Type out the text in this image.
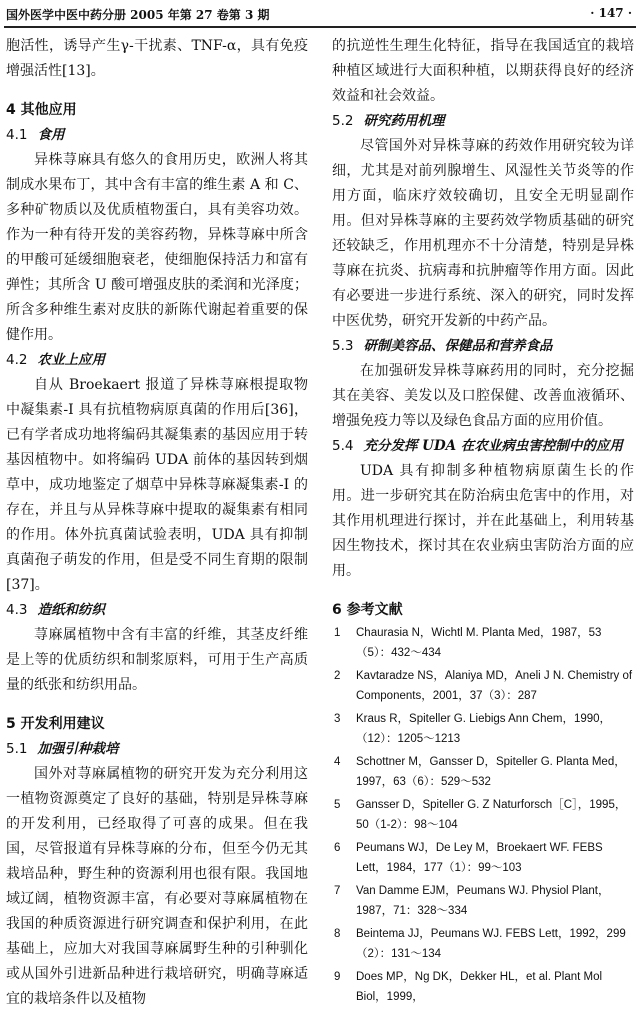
国外医学中医中药分册 2005 年第 27 卷第 3 期	· 147 ·

胞活性，诱导产生γ-干扰素、TNF-α，具有免疫增强活性[13]。

4 其他应用
4.1 食用

异株荨麻具有悠久的食用历史，欧洲人将其制成水果布丁，其中含有丰富的维生素 A 和 C、多种矿物质以及优质植物蛋白，具有美容功效。作为一种有待开发的美容药物，异株荨麻中所含的甲酸可延缓细胞衰老，使细胞保持活力和富有弹性；其所含 U 酸可增强皮肤的柔润和光泽度；所含多种维生素对皮肤的新陈代谢起着重要的保健作用。

4.2 农业上应用

自从 Broekaert 报道了异株荨麻根提取物中凝集素-I 具有抗植物病原真菌的作用后[36]，已有学者成功地将编码其凝集素的基因应用于转基因植物中。如将编码 UDA 前体的基因转到烟草中，成功地鉴定了烟草中异株荨麻凝集素-I 的存在，并且与从异株荨麻中提取的凝集素有相同的作用。体外抗真菌试验表明，UDA 具有抑制真菌孢子萌发的作用，但是受不同生育期的限制[37]。

4.3 造纸和纺织

荨麻属植物中含有丰富的纤维，其茎皮纤维是上等的优质纺织和制浆原料，可用于生产高质量的纸张和纺织用品。

5 开发利用建议
5.1 加强引种栽培

国外对荨麻属植物的研究开发为充分利用这一植物资源奠定了良好的基础，特别是异株荨麻的开发利用，已经取得了可喜的成果。但在我国，尽管报道有异株荨麻的分布，但至今仍无其栽培品种，野生种的资源利用也很有限。我国地域辽阔，植物资源丰富，有必要对荨麻属植物在我国的种质资源进行研究调查和保护利用，在此基础上，应加大对我国荨麻属野生种的引种驯化或从国外引进新品种进行栽培研究，明确荨麻适宜的栽培条件以及植物

的抗逆性生理生化特征，指导在我国适宜的栽培种植区域进行大面积种植，以期获得良好的经济效益和社会效益。

5.2 研究药用机理

尽管国外对异株荨麻的药效作用研究较为详细，尤其是对前列腺增生、风湿性关节炎等的作用方面，临床疗效较确切，且安全无明显副作用。但对异株荨麻的主要药效学物质基础的研究还较缺乏，作用机理亦不十分清楚，特别是异株荨麻在抗炎、抗病毒和抗肿瘤等作用方面。因此有必要进一步进行系统、深入的研究，同时发挥中医优势，研究开发新的中药产品。

5.3 研制美容品、保健品和营养食品

在加强研发异株荨麻药用的同时，充分挖掘其在美容、美发以及口腔保健、改善血液循环、增强免疫力等以及绿色食品方面的应用价值。

5.4 充分发挥 UDA 在农业病虫害控制中的应用

UDA 具有抑制多种植物病原菌生长的作用。进一步研究其在防治病虫危害中的作用，对其作用机理进行探讨，并在此基础上，利用转基因生物技术，探讨其在农业病虫害防治方面的应用。

6 参考文献
1 Chaurasia N，Wichtl M. Planta Med，1987，53（5）：432～434
2 Kavtaradze NS，Alaniya MD，Aneli J N. Chemistry of Components，2001，37（3）：287
3 Kraus R，Spiteller G. Liebigs Ann Chem，1990，（12）：1205～1213
4 Schottner M，Gansser D，Spiteller G. Planta Med，1997，63（6）：529～532
5 Gansser D，Spiteller G. Z Naturforsch［C］，1995，50（1-2）：98～104
6 Peumans WJ，De Ley M，Broekaert WF. FEBS Lett，1984，177（1）：99～103
7 Van Damme EJM，Peumans WJ. Physiol Plant，1987，71：328～334
8 Beintema JJ，Peumans WJ. FEBS Lett，1992，299（2）：131～134
9 Does MP，Ng DK，Dekker HL，et al. Plant Mol Biol，1999，
